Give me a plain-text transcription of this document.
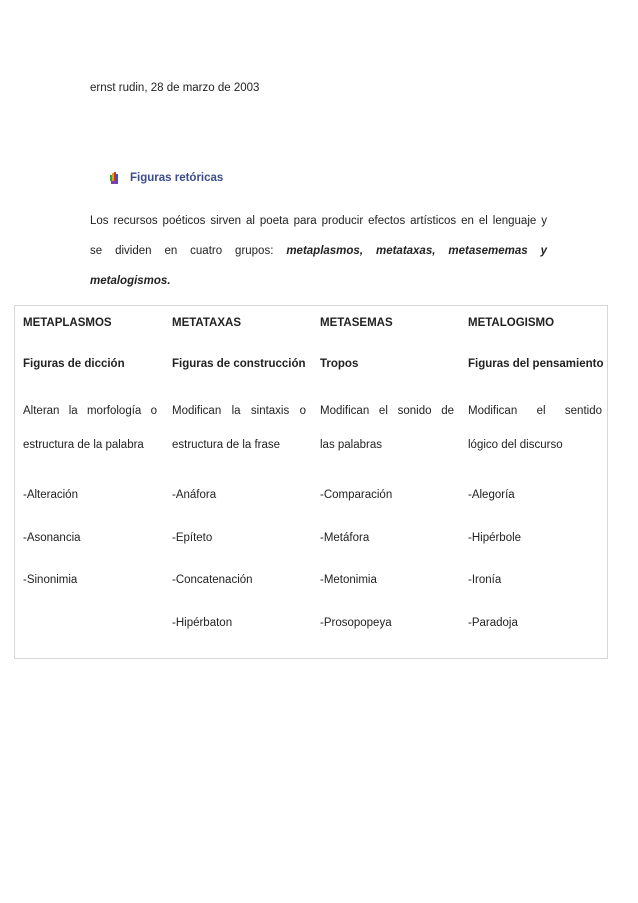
ernst rudin, 28 de marzo de 2003
Figuras retóricas
Los recursos poéticos sirven al poeta para producir efectos artísticos en el lenguaje y
se dividen en cuatro grupos: metaplasmos, metataxas, metasememas y
metalogismos.
METAPLASMOS
Figuras de dicción
Alteran la morfología o
estructura de la palabra
-Alteración
-Asonancia
-Sinonimia
METATAXAS
Figuras de construcción
Modifican la sintaxis o
estructura de la frase
-Anáfora
-Epíteto
-Concatenación
-Hipérbaton
METASEMAS
Tropos
Modifican el sonido de
las palabras
-Comparación
-Metáfora
-Metonimia
-Prosopopeya
METALOGISMO
Figuras del pensamiento
Modifican el sentido
lógico del discurso
-Alegoría
-Hipérbole
-Ironía
-Paradoja
